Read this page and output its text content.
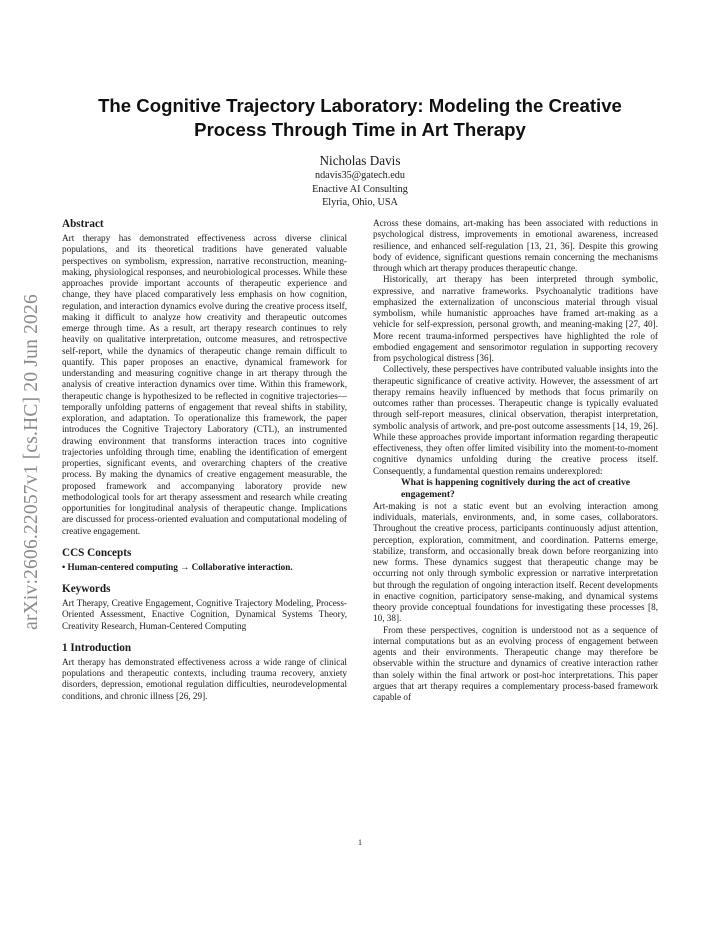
arXiv:2606.22057v1 [cs.HC] 20 Jun 2026
The Cognitive Trajectory Laboratory: Modeling the Creative Process Through Time in Art Therapy
Nicholas Davis
ndavis35@gatech.edu
Enactive AI Consulting
Elyria, Ohio, USA
Abstract

Art therapy has demonstrated effectiveness across diverse clinical populations, and its theoretical traditions have generated valuable perspectives on symbolism, expression, narrative reconstruction, meaning-making, physiological responses, and neurobiological processes. While these approaches provide important accounts of therapeutic experience and change, they have placed comparatively less emphasis on how cognition, regulation, and interaction dynamics evolve during the creative process itself, making it difficult to analyze how creativity and therapeutic outcomes emerge through time. As a result, art therapy research continues to rely heavily on qualitative interpretation, outcome measures, and retrospective self-report, while the dynamics of therapeutic change remain difficult to quantify. This paper proposes an enactive, dynamical framework for understanding and measuring cognitive change in art therapy through the analysis of creative interaction dynamics over time. Within this framework, therapeutic change is hypothesized to be reflected in cognitive trajectories—temporally unfolding patterns of engagement that reveal shifts in stability, exploration, and adaptation. To operationalize this framework, the paper introduces the Cognitive Trajectory Laboratory (CTL), an instrumented drawing environment that transforms interaction traces into cognitive trajectories unfolding through time, enabling the identification of emergent properties, significant events, and overarching chapters of the creative process. By making the dynamics of creative engagement measurable, the proposed framework and accompanying laboratory provide new methodological tools for art therapy assessment and research while creating opportunities for longitudinal analysis of therapeutic change. Implications are discussed for process-oriented evaluation and computational modeling of creative engagement.

CCS Concepts

• Human-centered computing → Collaborative interaction.

Keywords

Art Therapy, Creative Engagement, Cognitive Trajectory Modeling, Process-Oriented Assessment, Enactive Cognition, Dynamical Systems Theory, Creativity Research, Human-Centered Computing

1 Introduction

Art therapy has demonstrated effectiveness across a wide range of clinical populations and therapeutic contexts, including trauma recovery, anxiety disorders, depression, emotional regulation difficulties, neurodevelopmental conditions, and chronic illness [26, 29].

Across these domains, art-making has been associated with reductions in psychological distress, improvements in emotional awareness, increased resilience, and enhanced self-regulation [13, 21, 36]. Despite this growing body of evidence, significant questions remain concerning the mechanisms through which art therapy produces therapeutic change.

Historically, art therapy has been interpreted through symbolic, expressive, and narrative frameworks. Psychoanalytic traditions have emphasized the externalization of unconscious material through visual symbolism, while humanistic approaches have framed art-making as a vehicle for self-expression, personal growth, and meaning-making [27, 40]. More recent trauma-informed perspectives have highlighted the role of embodied engagement and sensorimotor regulation in supporting recovery from psychological distress [36].

Collectively, these perspectives have contributed valuable insights into the therapeutic significance of creative activity. However, the assessment of art therapy remains heavily influenced by methods that focus primarily on outcomes rather than processes. Therapeutic change is typically evaluated through self-report measures, clinical observation, therapist interpretation, symbolic analysis of artwork, and pre-post outcome assessments [14, 19, 26]. While these approaches provide important information regarding therapeutic effectiveness, they often offer limited visibility into the moment-to-moment cognitive dynamics unfolding during the creative process itself. Consequently, a fundamental question remains underexplored:

What is happening cognitively during the act of creative engagement?

Art-making is not a static event but an evolving interaction among individuals, materials, environments, and, in some cases, collaborators. Throughout the creative process, participants continuously adjust attention, perception, exploration, commitment, and coordination. Patterns emerge, stabilize, transform, and occasionally break down before reorganizing into new forms. These dynamics suggest that therapeutic change may be occurring not only through symbolic expression or narrative interpretation but through the regulation of ongoing interaction itself. Recent developments in enactive cognition, participatory sense-making, and dynamical systems theory provide conceptual foundations for investigating these processes [8, 10, 38].

From these perspectives, cognition is understood not as a sequence of internal computations but as an evolving process of engagement between agents and their environments. Therapeutic change may therefore be observable within the structure and dynamics of creative interaction rather than solely within the final artwork or post-hoc interpretations. This paper argues that art therapy requires a complementary process-based framework capable of

1
